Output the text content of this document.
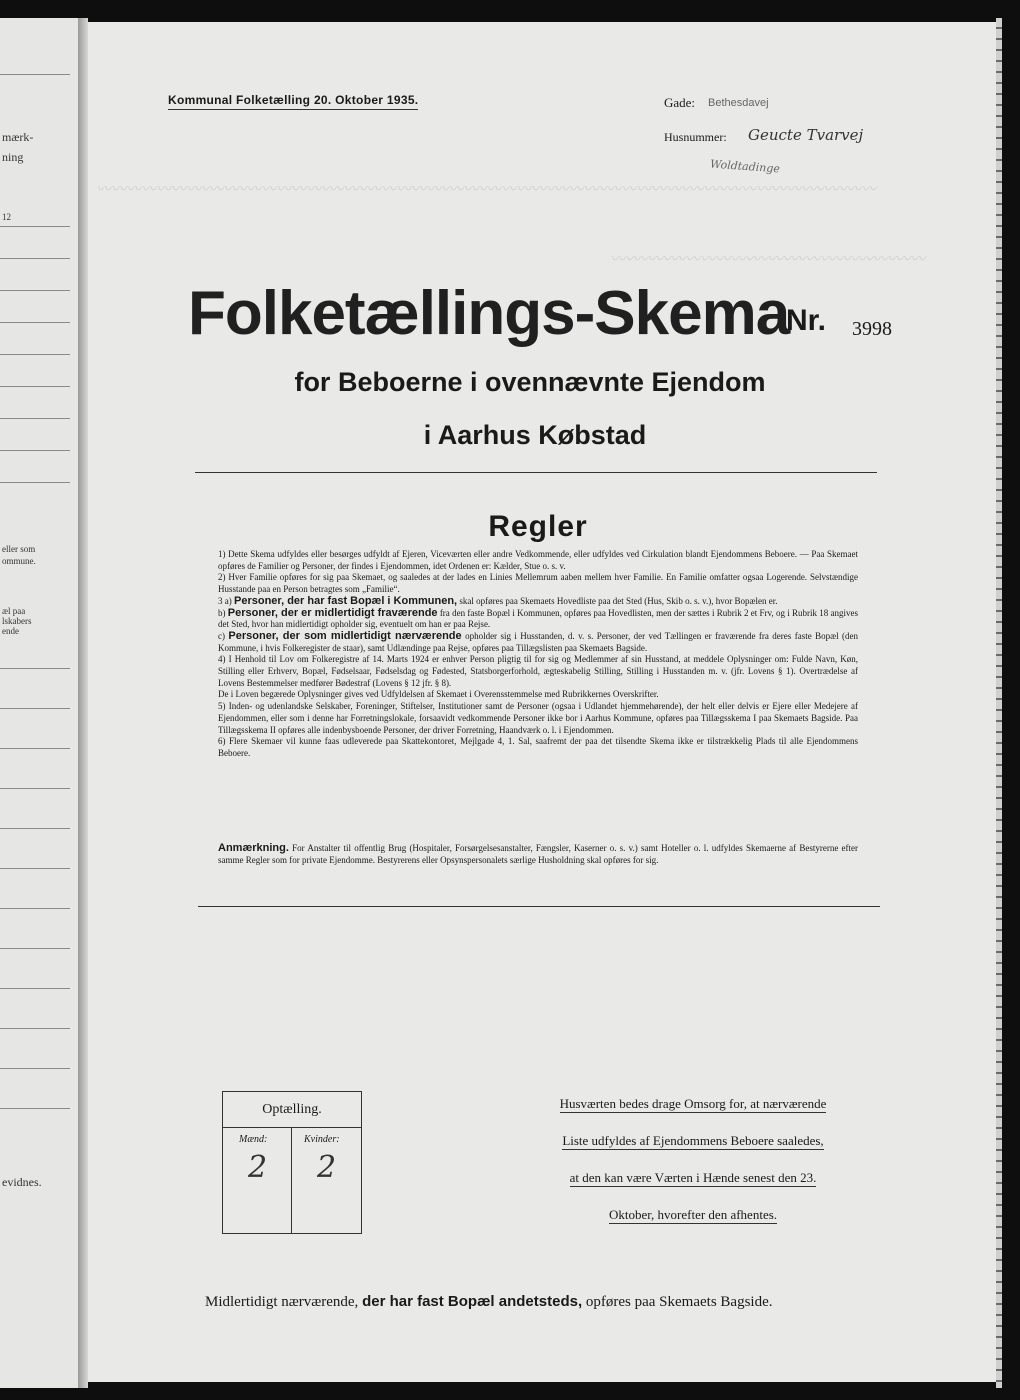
mærk-
ning
12
eller som
ommune.
æl paa
lskabers
ende
evidnes.
Kommunal Folketælling 20. Oktober 1935.	Gade: Bethesdavej
Husnummer: Geucte Tvarvej
Woldtadinge
〰〰〰〰〰〰〰〰〰〰〰〰〰〰〰〰〰〰〰〰〰〰〰〰〰〰〰〰〰〰〰〰〰〰〰〰〰〰〰〰〰〰〰〰〰〰〰〰〰〰〰〰
〰〰〰〰〰〰〰〰〰〰〰〰〰〰〰〰〰〰〰〰〰
Folketællings-Skema
Nr. 3998
for Beboerne i ovennævnte Ejendom
i Aarhus Købstad
Regler

1) Dette Skema udfyldes eller besørges udfyldt af Ejeren, Viceværten eller andre Vedkommende, eller udfyldes ved Cirkulation blandt Ejendommens Beboere. — Paa Skemaet opføres de Familier og Personer, der findes i Ejendommen, idet Ordenen er: Kælder, Stue o. s. v.

2) Hver Familie opføres for sig paa Skemaet, og saaledes at der lades en Linies Mellemrum aaben mellem hver Familie. En Familie omfatter ogsaa Logerende. Selvstændige Husstande paa en Person betragtes som „Familie“.

3 a) Personer, der har fast Bopæl i Kommunen, skal opføres paa Skemaets Hovedliste paa det Sted (Hus, Skib o. s. v.), hvor Bopælen er.

b) Personer, der er midlertidigt fraværende fra den faste Bopæl i Kommunen, opføres paa Hovedlisten, men der sættes i Rubrik 2 et Frv, og i Rubrik 18 angives det Sted, hvor han midlertidigt opholder sig, eventuelt om han er paa Rejse.

c) Personer, der som midlertidigt nærværende opholder sig i Husstanden, d. v. s. Personer, der ved Tællingen er fraværende fra deres faste Bopæl (den Kommune, i hvis Folkeregister de staar), samt Udlændinge paa Rejse, opføres paa Tillægslisten paa Skemaets Bagside.

4) I Henhold til Lov om Folkeregistre af 14. Marts 1924 er enhver Person pligtig til for sig og Medlemmer af sin Husstand, at meddele Oplysninger om: Fulde Navn, Køn, Stilling eller Erhverv, Bopæl, Fødselsaar, Fødselsdag og Fødested, Statsborgerforhold, ægteskabelig Stilling, Stilling i Husstanden m. v. (jfr. Lovens § 1). Overtrædelse af Lovens Bestemmelser medfører Bødestraf (Lovens § 12 jfr. § 8).

De i Loven begærede Oplysninger gives ved Udfyldelsen af Skemaet i Overensstemmelse med Rubrikkernes Overskrifter.

5) Inden- og udenlandske Selskaber, Foreninger, Stiftelser, Institutioner samt de Personer (ogsaa i Udlandet hjemmehørende), der helt eller delvis er Ejere eller Medejere af Ejendommen, eller som i denne har Forretningslokale, forsaavidt vedkommende Personer ikke bor i Aarhus Kommune, opføres paa Tillægsskema I paa Skemaets Bagside. Paa Tillægsskema II opføres alle indenbysboende Personer, der driver Forretning, Haandværk o. l. i Ejendommen.

6) Flere Skemaer vil kunne faas udleverede paa Skattekontoret, Mejlgade 4, 1. Sal, saafremt der paa det tilsendte Skema ikke er tilstrækkelig Plads til alle Ejendommens Beboere.

Anmærkning. For Anstalter til offentlig Brug (Hospitaler, Forsørgelsesanstalter, Fængsler, Kaserner o. s. v.) samt Hoteller o. l. udfyldes Skemaerne af Bestyrerne efter samme Regler som for private Ejendomme. Bestyrerens eller Opsynspersonalets særlige Husholdning skal opføres for sig.
Optælling.
Mænd:	Kvinder:
2 2
Husværten bedes drage Omsorg for, at nærværende
Liste udfyldes af Ejendommens Beboere saaledes,
at den kan være Værten i Hænde senest den 23.
Oktober, hvorefter den afhentes.
Midlertidigt nærværende, der har fast Bopæl andetsteds, opføres paa Skemaets Bagside.
